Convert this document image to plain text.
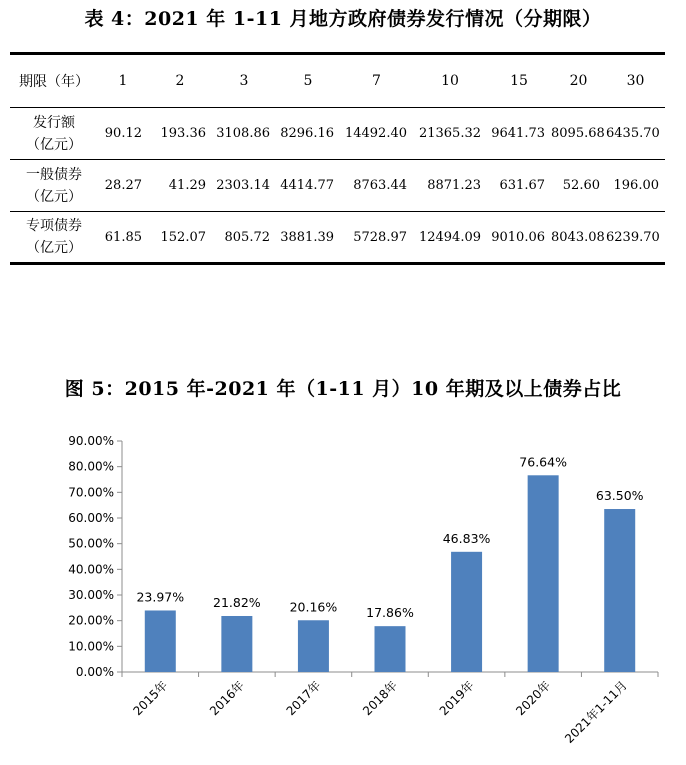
表 4：2021 年 1-11 月地方政府债券发行情况（分期限）
期限（年）	1	2	3	5	7	10	15	20	30

发行额
（亿元）	90.12	193.36	3108.86	8296.16	14492.40	21365.32	9641.73	8095.68	6435.70

一般债券
（亿元）	28.27	41.29	2303.14	4414.77	8763.44	8871.23	631.67	52.60	196.00

专项债券
（亿元）	61.85	152.07	805.72	3881.39	5728.97	12494.09	9010.06	8043.08	6239.70
图 5：2015 年-2021 年（1-11 月）10 年期及以上债券占比
0.00%
10.00%
20.00%
30.00%
40.00%
50.00%
60.00%
70.00%
80.00%
90.00%
23.97%
2015年
21.82%
2016年
20.16%
2017年
17.86%
2018年
46.83%
2019年
76.64%
2020年
63.50%
2021年1-11月
